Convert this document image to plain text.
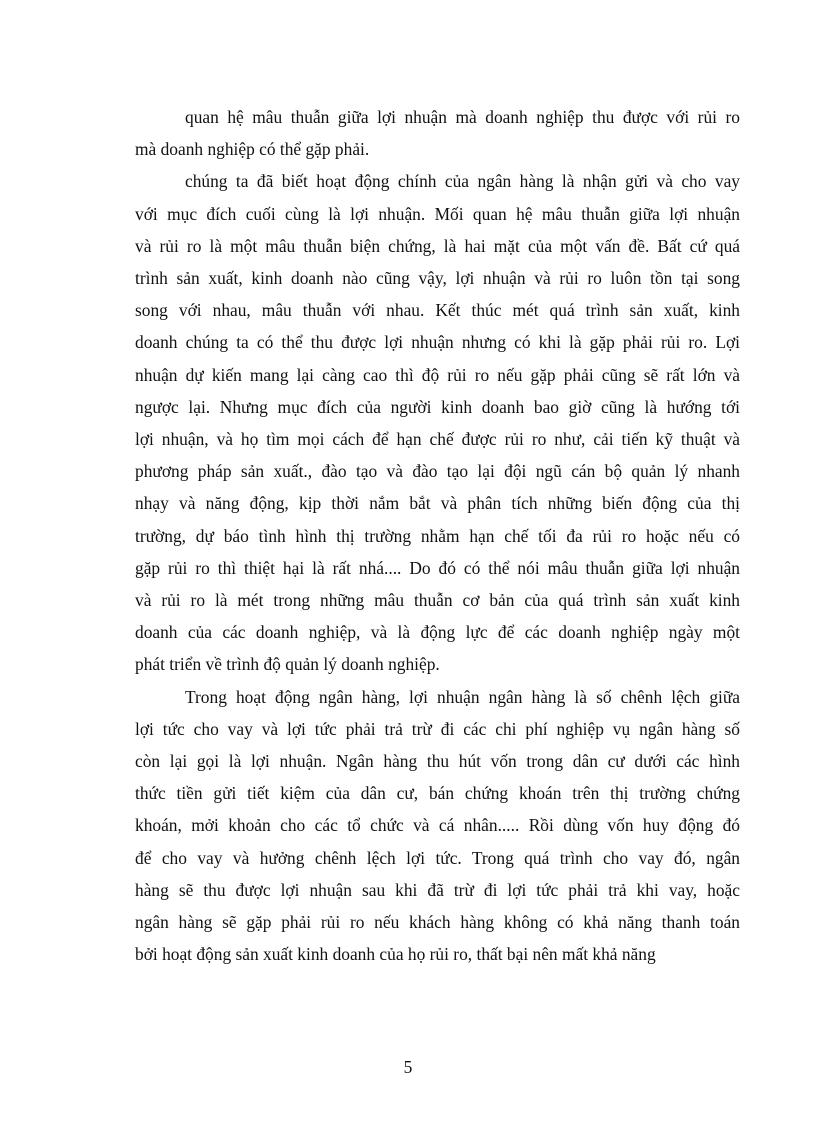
quan hệ mâu thuẫn giữa lợi nhuận mà doanh nghiệp thu được với rủi ro
mà doanh nghiệp có thể gặp phải.

chúng ta đã biết hoạt động chính của ngân hàng là nhận gửi và cho vay
với mục đích cuối cùng là lợi nhuận. Mối quan hệ mâu thuẫn giữa lợi nhuận
và rủi ro là một mâu thuẫn biện chứng, là hai mặt của một vấn đề. Bất cứ quá
trình sản xuất, kinh doanh nào cũng vậy, lợi nhuận và rủi ro luôn tồn tại song
song với nhau, mâu thuẫn với nhau. Kết thúc mét quá trình sản xuất, kinh
doanh chúng ta có thể thu được lợi nhuận nhưng có khi là gặp phải rủi ro. Lợi
nhuận dự kiến mang lại càng cao thì độ rủi ro nếu gặp phải cũng sẽ rất lớn và
ngược lại. Nhưng mục đích của người kinh doanh bao giờ cũng là hướng tới
lợi nhuận, và họ tìm mọi cách để hạn chế được rủi ro như, cải tiến kỹ thuật và
phương pháp sản xuất., đào tạo và đào tạo lại đội ngũ cán bộ quản lý nhanh
nhạy và năng động, kịp thời nắm bắt và phân tích những biến động của thị
trường, dự báo tình hình thị trường nhằm hạn chế tối đa rủi ro hoặc nếu có
gặp rủi ro thì thiệt hại là rất nhá.... Do đó có thể nói mâu thuẫn giữa lợi nhuận
và rủi ro là mét trong những mâu thuẫn cơ bản của quá trình sản xuất kinh
doanh của các doanh nghiệp, và là động lực để các doanh nghiệp ngày một
phát triển về trình độ quản lý doanh nghiệp.

Trong hoạt động ngân hàng, lợi nhuận ngân hàng là số chênh lệch giữa
lợi tức cho vay và lợi tức phải trả trừ đi các chi phí nghiệp vụ ngân hàng số
còn lại gọi là lợi nhuận. Ngân hàng thu hút vốn trong dân cư dưới các hình
thức tiền gửi tiết kiệm của dân cư, bán chứng khoán trên thị trường chứng
khoán, mởi khoản cho các tổ chức và cá nhân..... Rồi dùng vốn huy động đó
để cho vay và hưởng chênh lệch lợi tức. Trong quá trình cho vay đó, ngân
hàng sẽ thu được lợi nhuận sau khi đã trừ đi lợi tức phải trả khi vay, hoặc
ngân hàng sẽ gặp phải rủi ro nếu khách hàng không có khả năng thanh toán
bởi hoạt động sản xuất kinh doanh của họ rủi ro, thất bại nên mất khả năng

5
